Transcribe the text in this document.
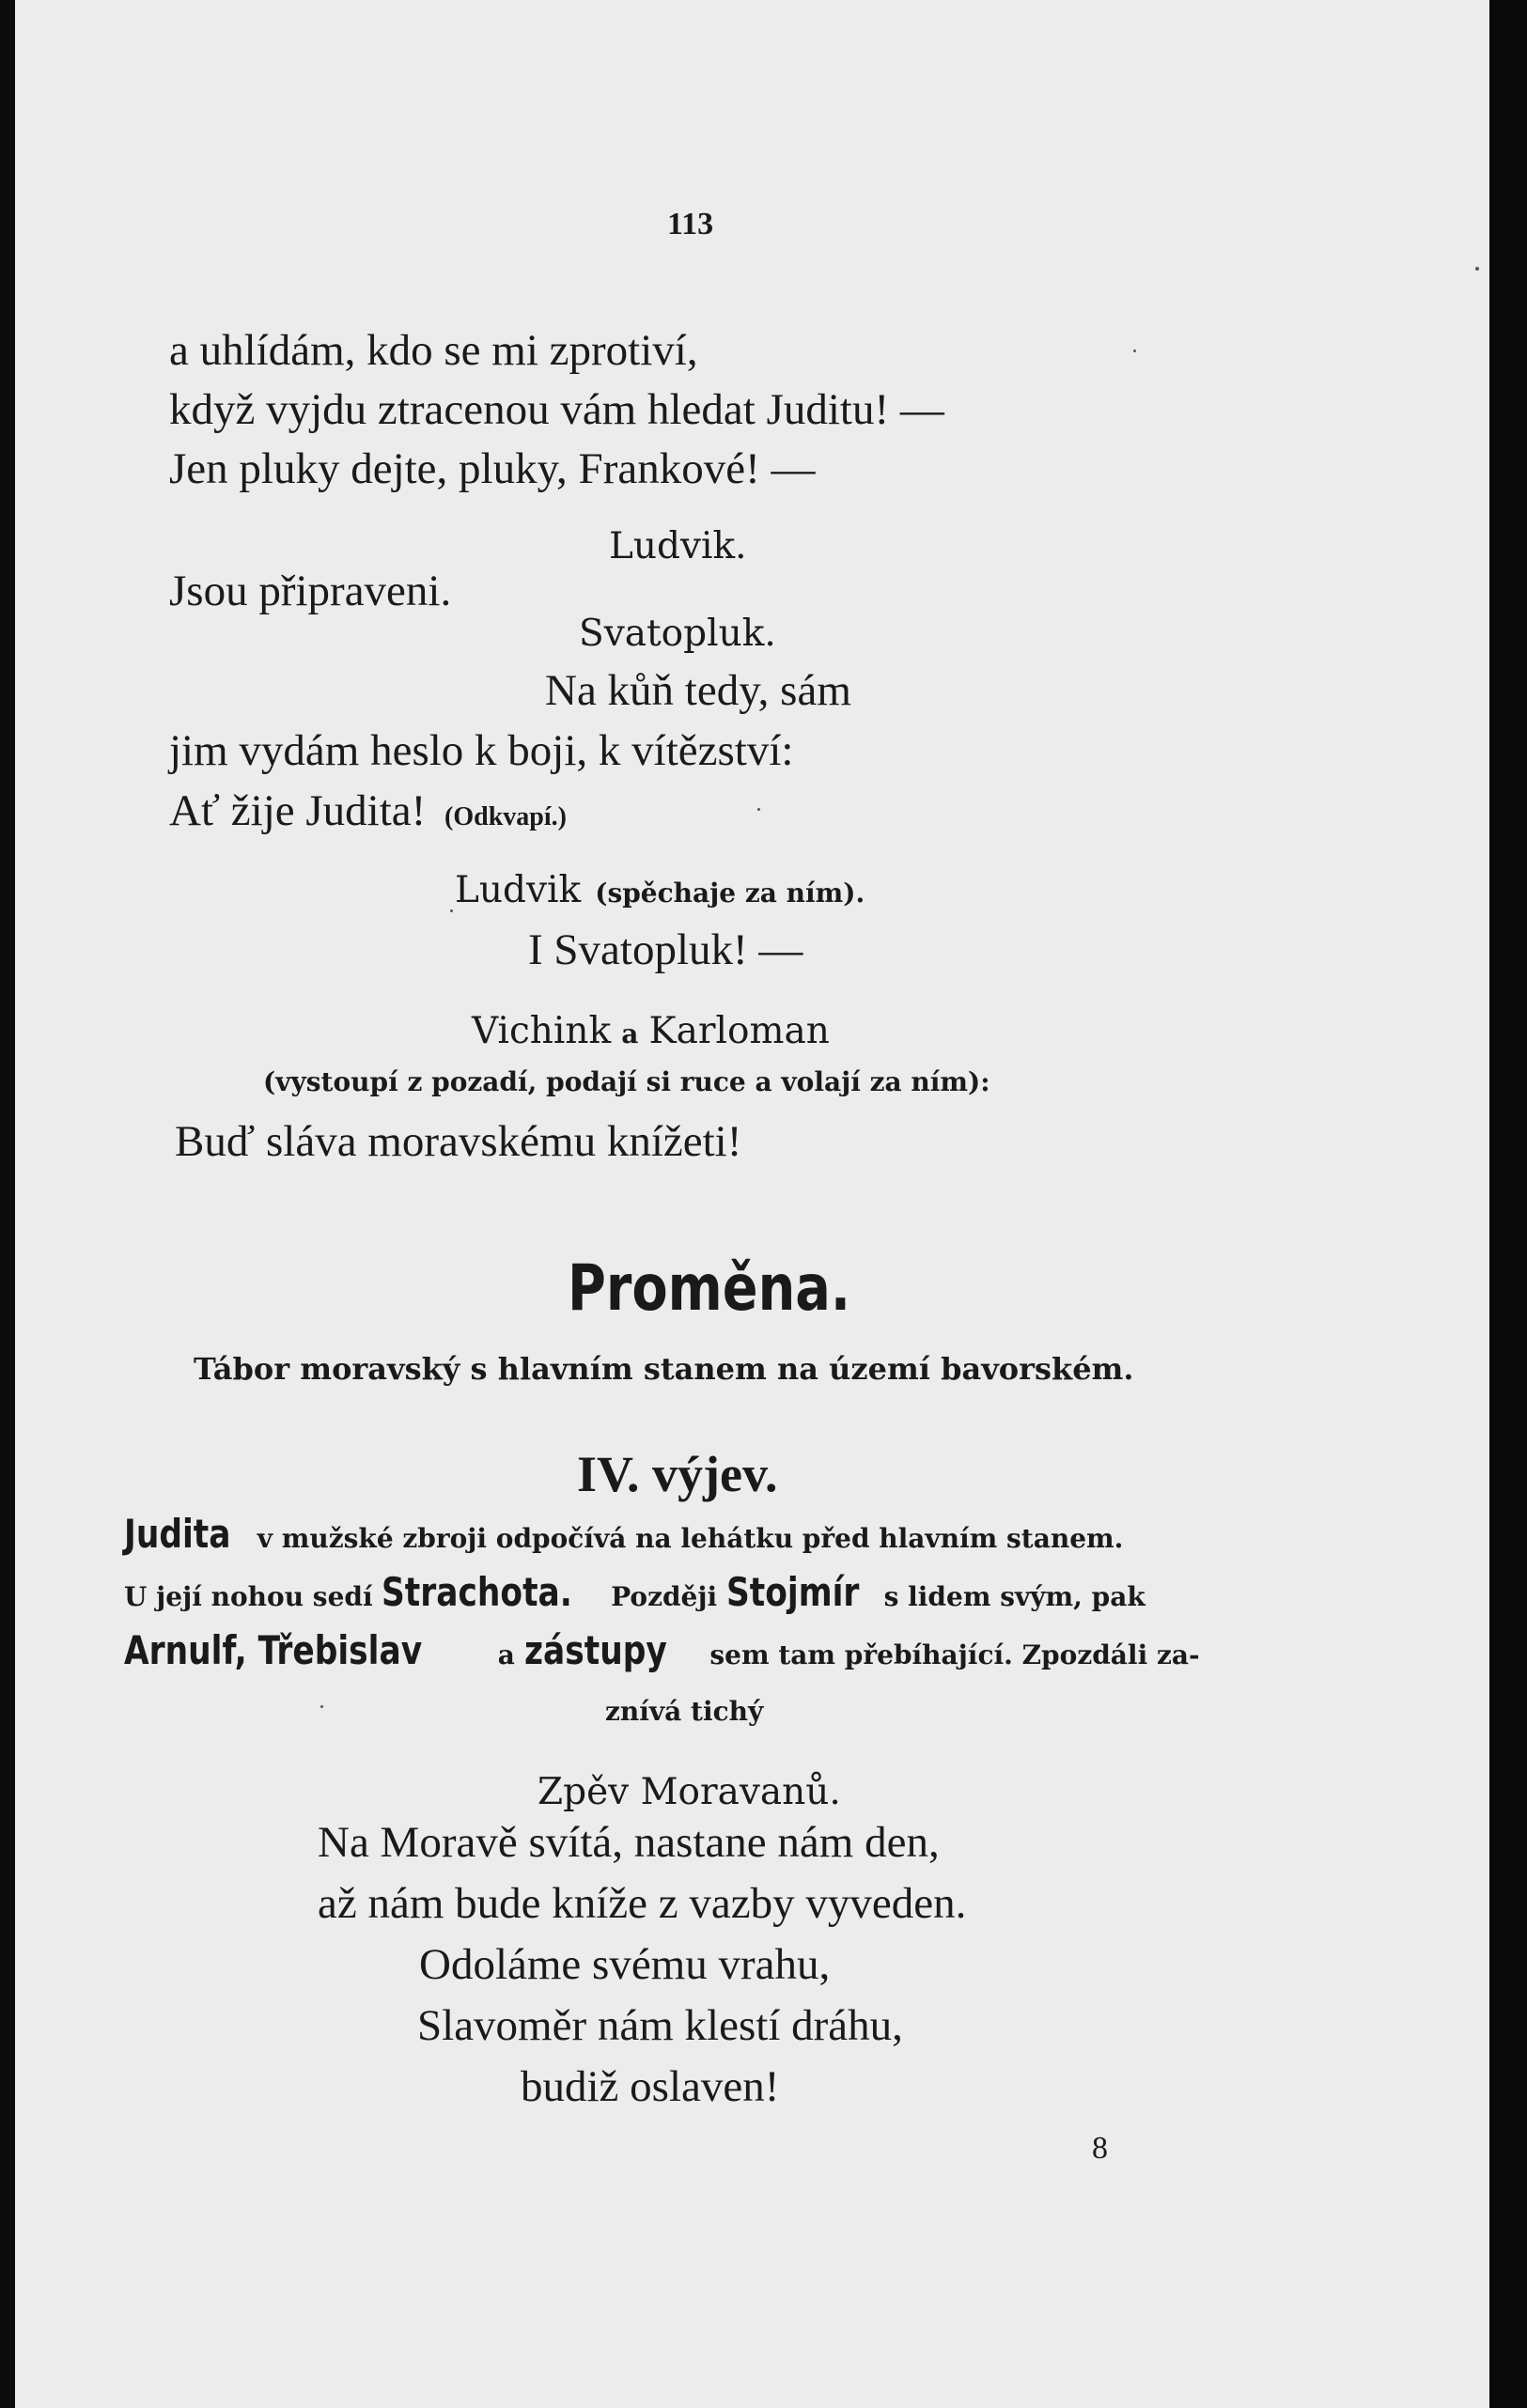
113
a uhlídám, kdo se mi zprotiví,
když vyjdu ztracenou vám hledat Juditu! —
Jen pluky dejte, pluky, Frankové! —
Ludvik.
Jsou připraveni.
Svatopluk.
Na kůň tedy, sám
jim vydám heslo k boji, k vítězství:
Ať žije Judita! (Odkvapí.)
Ludvik (spěchaje za ním).
I Svatopluk! —
Vichink a Karloman
(vystoupí z pozadí, podají si ruce a volají za ním):
Buď sláva moravskému knížeti!
Proměna.
Tábor moravský s hlavním stanem na území bavorském.
IV. výjev.
Judita v mužské zbroji odpočívá na lehátku před hlavním stanem.
U její nohou sedí Strachota. Později Stojmír s lidem svým, pak
Arnulf, Třebislav	a zástupy sem tam přebíhající. Zpozdáli za-
znívá tichý
Zpěv Moravanů.
Na Moravě svítá, nastane nám den,
až nám bude kníže z vazby vyveden.
Odoláme svému vrahu,
Slavoměr nám klestí dráhu,
budiž oslaven!
8
